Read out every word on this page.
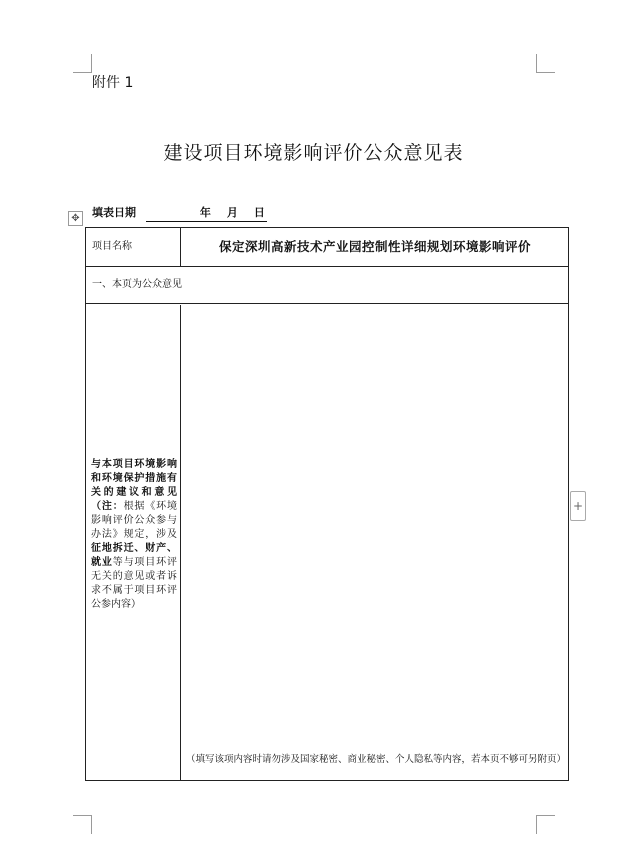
附件 1
建设项目环境影响评价公众意见表
✥	填表日期	年 月 日
项目名称	保定深圳高新技术产业园控制性详细规划环境影响评价
一、本页为公众意见
与本项目环境影响和环境保护措施有关的建议和意见（注：根据《环境影响评价公众参与办法》规定，涉及征地拆迁、财产、就业等与项目环评无关的意见或者诉求不属于项目环评公参内容）
（填写该项内容时请勿涉及国家秘密、商业秘密、个人隐私等内容，若本页不够可另附页）
+
